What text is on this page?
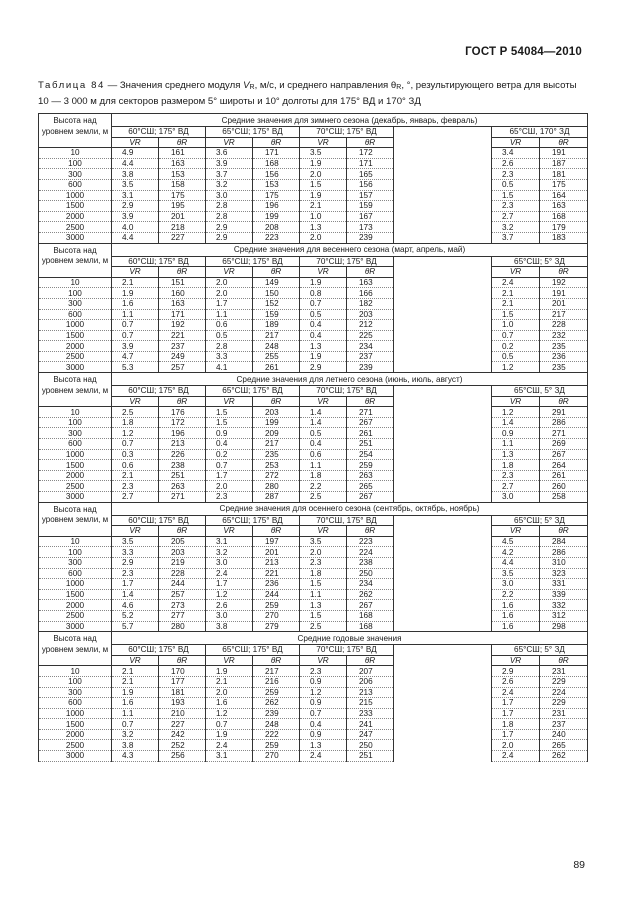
ГОСТ Р 54084—2010
Таблица 84 — Значения среднего модуля $V_R$, м/с, и среднего направления $\theta_R$, °, результирующего ветра для высоты 10 — 3 000 м для секторов размером 5° широты и 10° долготы для 175° ВД и 170° ЗД
Высота над уровнем земли, м	Средние значения для зимнего сезона (декабрь, январь, февраль)								
	60°СШ; 175° ВД		65°СШ; 175° ВД		70°СШ; 175° ВД			65°СШ, 170° ЗД	
	VR	θR	VR	θR	VR	θR		VR	θR
10	4.9	161	3.6	171	3.5	172		3.4	191
100	4.4	163	3.9	168	1.9	171		2.6	187
300	3.8	153	3.7	156	2.0	165		2.3	181
600	3.5	158	3.2	153	1.5	156		0.5	175
1000	3.1	175	3.0	175	1.9	157		1.5	164
1500	2.9	195	2.8	196	2.1	159		2.3	163
2000	3.9	201	2.8	199	1.0	167		2.7	168
2500	4.0	218	2.9	208	1.3	173		3.2	179
3000	4.4	227	2.9	223	2.0	239		3.7	183
Высота над уровнем земли, м	Средние значения для весеннего сезона (март, апрель, май)								
	60°СШ; 175° ВД		65°СШ; 175° ВД		70°СШ; 175° ВД			65°СШ; 5° ЗД	
	VR	θR	VR	θR	VR	θR		VR	θR
10	2.1	151	2.0	149	1.9	163		2.4	192
100	1.9	160	2.0	150	0.8	166		2.1	191
300	1.6	163	1.7	152	0.7	182		2.1	201
600	1.1	171	1.1	159	0.5	203		1.5	217
1000	0.7	192	0.6	189	0.4	212		1.0	228
1500	0.7	221	0.5	217	0.4	225		0.7	232
2000	3.9	237	2.8	248	1.3	234		0.2	235
2500	4.7	249	3.3	255	1.9	237		0.5	236
3000	5.3	257	4.1	261	2.9	239		1.2	235
Высота над уровнем земли, м	Средние значения для летнего сезона (июнь, июль, август)								
	60°СШ; 175° ВД		65°СШ; 175° ВД		70°СШ; 175° ВД			65°СШ, 5° ЗД	
	VR	θR	VR	θR	VR	θR		VR	θR
10	2.5	176	1.5	203	1.4	271		1.2	291
100	1.8	172	1.5	199	1.4	267		1.4	286
300	1.2	196	0.9	209	0.5	261		0.9	271
600	0.7	213	0.4	217	0.4	251		1.1	269
1000	0.3	226	0.2	235	0.6	254		1.3	267
1500	0.6	238	0.7	253	1.1	259		1.8	264
2000	2.1	251	1.7	272	1.8	263		2.3	261
2500	2.3	263	2.0	280	2.2	265		2.7	260
3000	2.7	271	2.3	287	2.5	267		3.0	258
Высота над уровнем земли, м	Средние значения для осеннего сезона (сентябрь, октябрь, ноябрь)								
	60°СШ; 175° ВД		65°СШ; 175° ВД		70°СШ, 175° ВД			65°СШ; 5° ЗД	
	VR	θR	VR	θR	VR	θR		VR	θR
10	3.5	205	3.1	197	3.5	223		4.5	284
100	3.3	203	3.2	201	2.0	224		4.2	286
300	2.9	219	3.0	213	2.3	238		4.4	310
600	2.3	228	2.4	221	1.8	250		3.5	323
1000	1.7	244	1.7	236	1.5	234		3.0	331
1500	1.4	257	1.2	244	1.1	262		2.2	339
2000	4.6	273	2.6	259	1.3	267		1.6	332
2500	5.2	277	3.0	270	1.5	168		1.6	312
3000	5.7	280	3.8	279	2.5	168		1.6	298
Высота над уровнем земли, м	Средние годовые значения								
	60°СШ; 175° ВД		65°СШ; 175° ВД		70°СШ; 175° ВД			65°СШ; 5° ЗД	
	VR	θR	VR	θR	VR	θR		VR	θR
10	2.1	170	1.9	217	2.3	207		2.9	231
100	2.1	177	2.1	216	0.9	206		2.6	229
300	1.9	181	2.0	259	1.2	213		2.4	224
600	1.6	193	1.6	262	0.9	215		1.7	229
1000	1.1	210	1.2	239	0.7	233		1.7	231
1500	0.7	227	0.7	248	0.4	241		1.8	237
2000	3.2	242	1.9	222	0.9	247		1.7	240
2500	3.8	252	2.4	259	1.3	250		2.0	265
3000	4.3	256	3.1	270	2.4	251		2.4	262
89
